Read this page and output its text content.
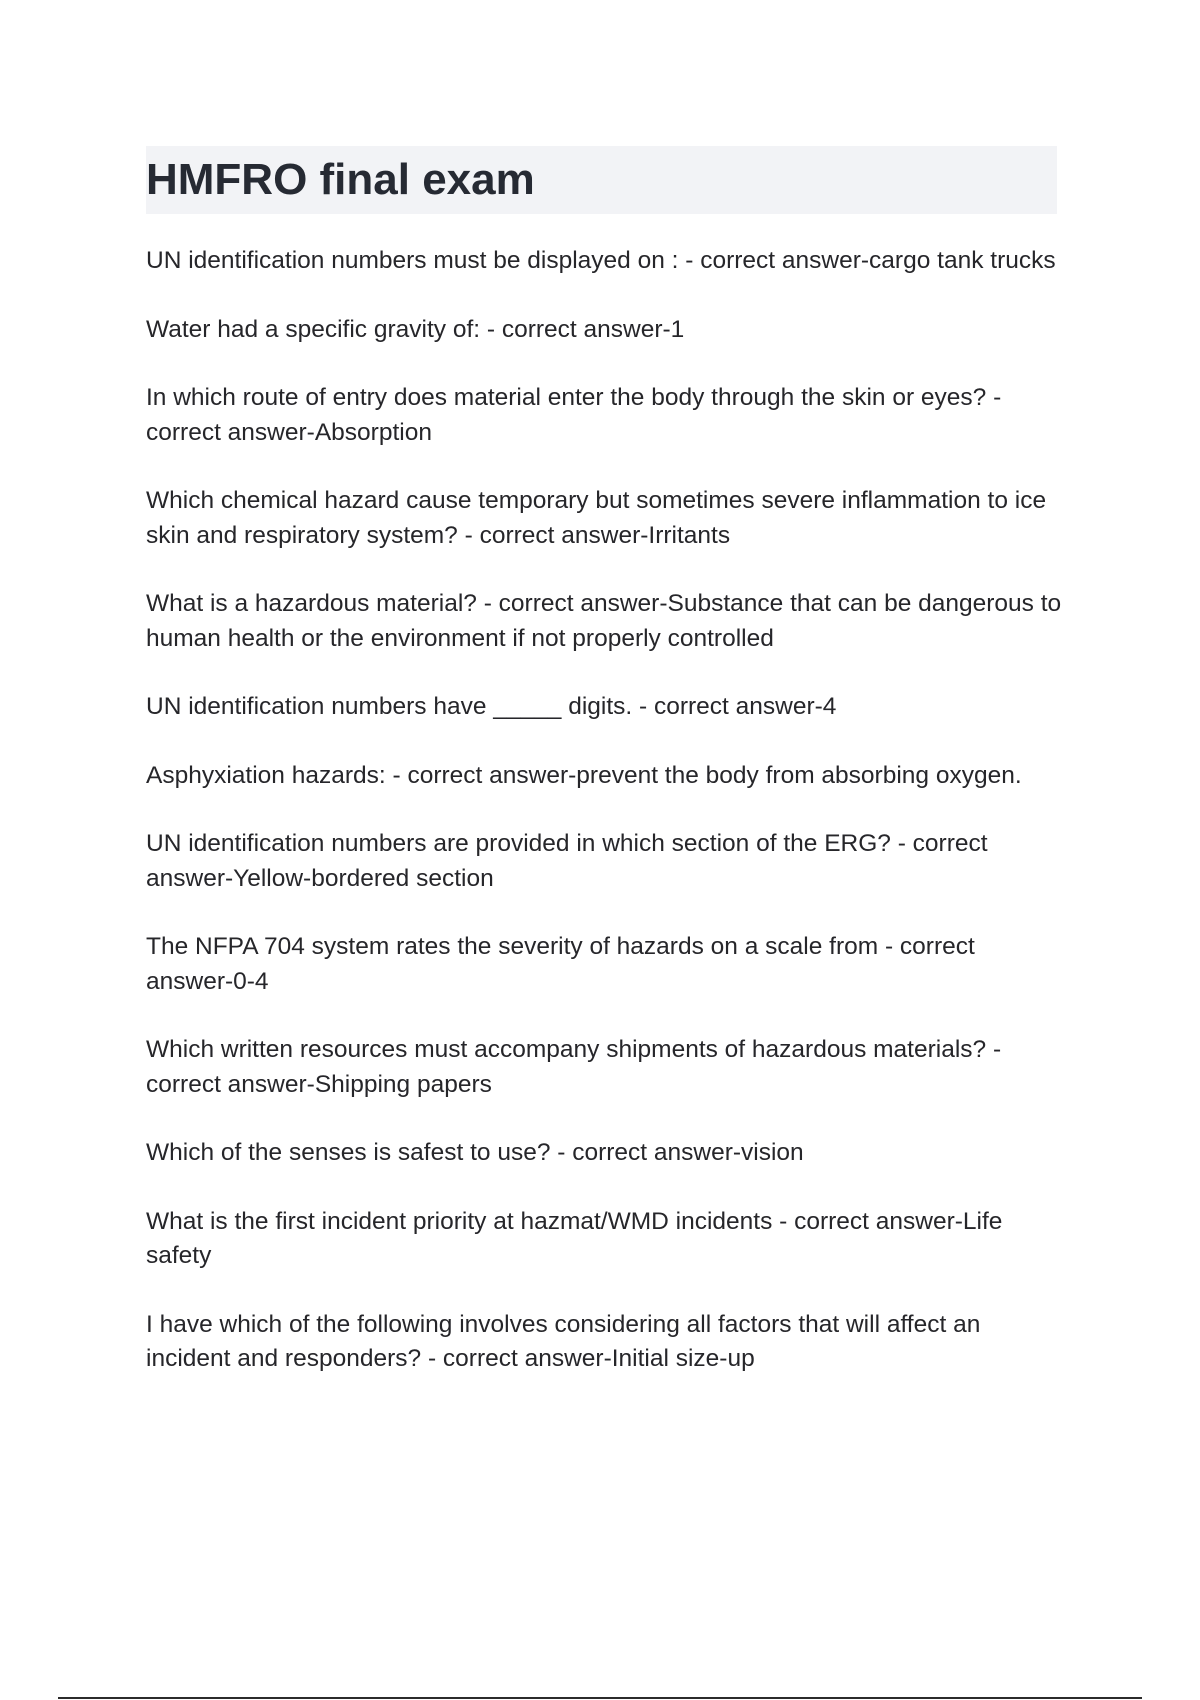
HMFRO final exam
UN identification numbers must be displayed on : - correct answer-cargo tank trucks
Water had a specific gravity of: - correct answer-1
In which route of entry does material enter the body through the skin or eyes? - correct answer-Absorption
Which chemical hazard cause temporary but sometimes severe inflammation to ice skin and respiratory system? - correct answer-Irritants
What is a hazardous material? - correct answer-Substance that can be dangerous to human health or the environment if not properly controlled
UN identification numbers have _____ digits. - correct answer-4
Asphyxiation hazards: - correct answer-prevent the body from absorbing oxygen.
UN identification numbers are provided in which section of the ERG? - correct answer-Yellow-bordered section
The NFPA 704 system rates the severity of hazards on a scale from - correct answer-0-4
Which written resources must accompany shipments of hazardous materials? - correct answer-Shipping papers
Which of the senses is safest to use? - correct answer-vision
What is the first incident priority at hazmat/WMD incidents - correct answer-Life safety
I have which of the following involves considering all factors that will affect an incident and responders? - correct answer-Initial size-up
